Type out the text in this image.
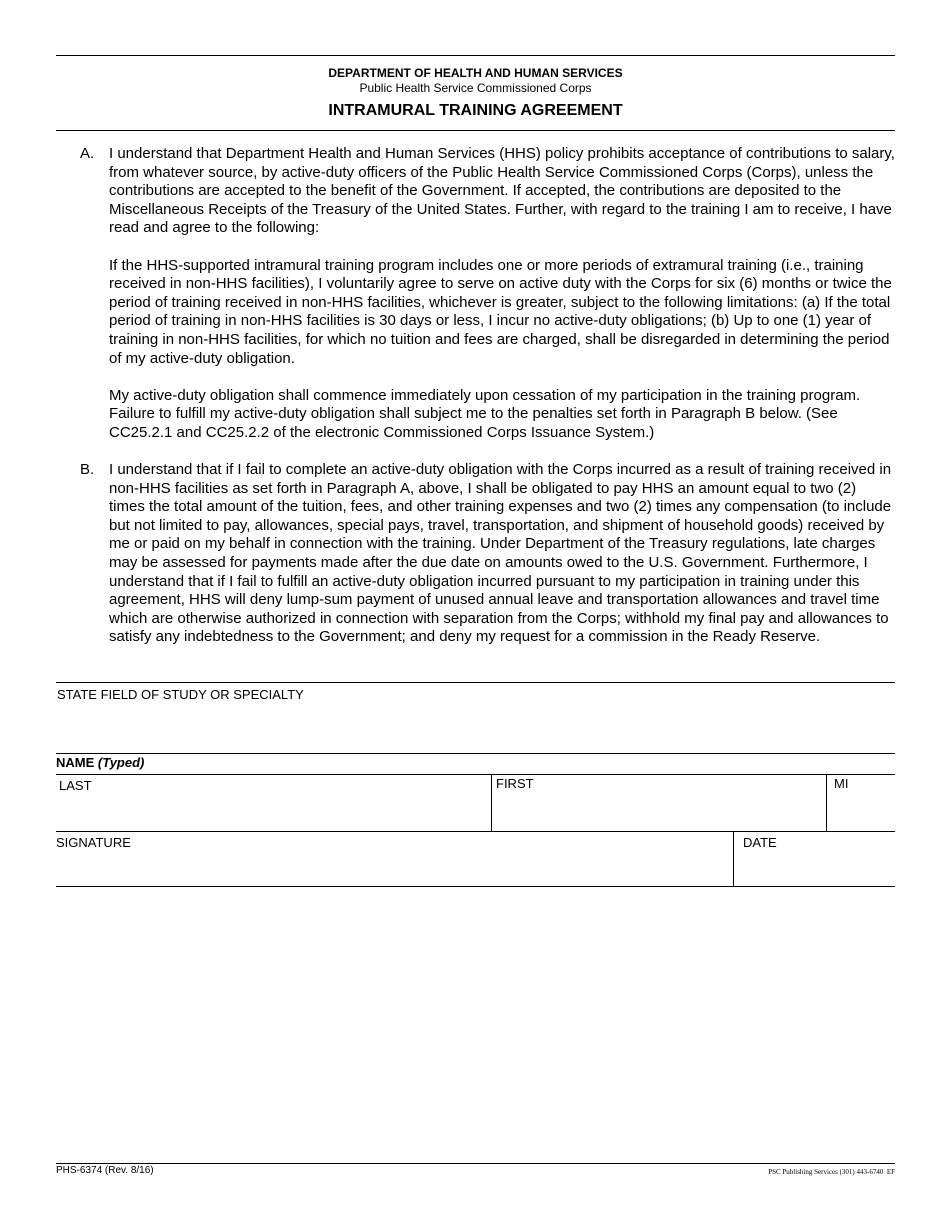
DEPARTMENT OF HEALTH AND HUMAN SERVICES
Public Health Service Commissioned Corps
INTRAMURAL TRAINING AGREEMENT
A. I understand that Department Health and Human Services (HHS) policy prohibits acceptance of contributions to salary, from whatever source, by active-duty officers of the Public Health Service Commissioned Corps (Corps), unless the contributions are accepted to the benefit of the Government. If accepted, the contributions are deposited to the Miscellaneous Receipts of the Treasury of the United States. Further, with regard to the training I am to receive, I have read and agree to the following:

If the HHS-supported intramural training program includes one or more periods of extramural training (i.e., training received in non-HHS facilities), I voluntarily agree to serve on active duty with the Corps for six (6) months or twice the period of training received in non-HHS facilities, whichever is greater, subject to the following limitations: (a) If the total period of training in non-HHS facilities is 30 days or less, I incur no active-duty obligations; (b) Up to one (1) year of training in non-HHS facilities, for which no tuition and fees are charged, shall be disregarded in determining the period of my active-duty obligation.

My active-duty obligation shall commence immediately upon cessation of my participation in the training program. Failure to fulfill my active-duty obligation shall subject me to the penalties set forth in Paragraph B below. (See CC25.2.1 and CC25.2.2 of the electronic Commissioned Corps Issuance System.)

B. I understand that if I fail to complete an active-duty obligation with the Corps incurred as a result of training received in non-HHS facilities as set forth in Paragraph A, above, I shall be obligated to pay HHS an amount equal to two (2) times the total amount of the tuition, fees, and other training expenses and two (2) times any compensation (to include but not limited to pay, allowances, special pays, travel, transportation, and shipment of household goods) received by me or paid on my behalf in connection with the training. Under Department of the Treasury regulations, late charges may be assessed for payments made after the due date on amounts owed to the U.S. Government. Furthermore, I understand that if I fail to fulfill an active-duty obligation incurred pursuant to my participation in training under this agreement, HHS will deny lump-sum payment of unused annual leave and transportation allowances and travel time which are otherwise authorized in connection with separation from the Corps; withhold my final pay and allowances to satisfy any indebtedness to the Government; and deny my request for a commission in the Ready Reserve.

STATE FIELD OF STUDY OR SPECIALTY
NAME (Typed)
LAST	FIRST	MI
SIGNATURE	DATE
PHS-6374 (Rev. 8/16)	PSC Publishing Services (301) 443-6740 EF
